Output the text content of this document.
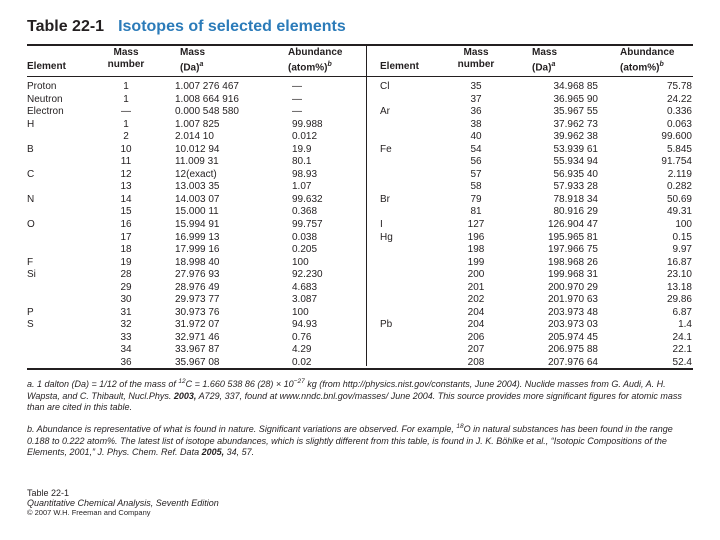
Table 22-1 Isotopes of selected elements
Element
Mass
number
Mass
$(Da)^a$
Abundance
(atom%)$^b$	Element
Mass
number
Mass
$(Da)^a$
Abundance
(atom%)$^b$
Proton
Neutron
Electron
H
B
C
N
O
F
Si
P
S
1
1
—
1
2
10
11
12
13
14
15
16
17
18
19
28
29
30
31
32
33
34
36
1.007 276 467
1.008 664 916
0.000 548 580
1.007 825
2.014 10
10.012 94
11.009 31
12(exact)
13.003 35
14.003 07
15.000 11
15.994 91
16.999 13
17.999 16
18.998 40
27.976 93
28.976 49
29.973 77
30.973 76
31.972 07
32.971 46
33.967 87
35.967 08
—
—
—
99.988
0.012
19.9
80.1
98.93
1.07
99.632
0.368
99.757
0.038
0.205
100
92.230
4.683
3.087
100
94.93
0.76
4.29
0.02
Cl
Ar
Fe
Br
I
Hg
Pb
35
37
36
38
40
54
56
57
58
79
81
127
196
198
199
200
201
202
204
204
206
207
208
34.968 85
36.965 90
35.967 55
37.962 73
39.962 38
53.939 61
55.934 94
56.935 40
57.933 28
78.918 34
80.916 29
126.904 47
195.965 81
197.966 75
198.968 26
199.968 31
200.970 29
201.970 63
203.973 48
203.973 03
205.974 45
206.975 88
207.976 64
75.78
24.22
0.336
0.063
99.600
5.845
91.754
2.119
0.282
50.69
49.31
100
0.15
9.97
16.87
23.10
13.18
29.86
6.87
1.4
24.1
22.1
52.4
a. 1 dalton (Da) = 1/12 of the mass of $^{12}$C = 1.660 538 86 $(28) \times 10^{-27}$ kg (from http://physics.nist.gov/constants, June 2004). Nuclide masses from G. Audi, A. H. Wapsta, and C. Thibault, Nucl.Phys. 2003, A729, 337, found at www.nndc.bnl.gov/masses/ June 2004. This source provides more significant figures for atomic mass than are cited in this table.
b. Abundance is representative of what is found in nature. Significant variations are observed. For example, $^{18}$O in natural substances has been found in the range 0.188 to 0.222 atom%. The latest list of isotope abundances, which is slightly different from this table, is found in J. K. Böhlke et al., “Isotopic Compositions of the Elements, 2001,” J. Phys. Chem. Ref. Data 2005, 34, 57.
Table 22-1
Quantitative Chemical Analysis, Seventh Edition
© 2007 W.H. Freeman and Company
